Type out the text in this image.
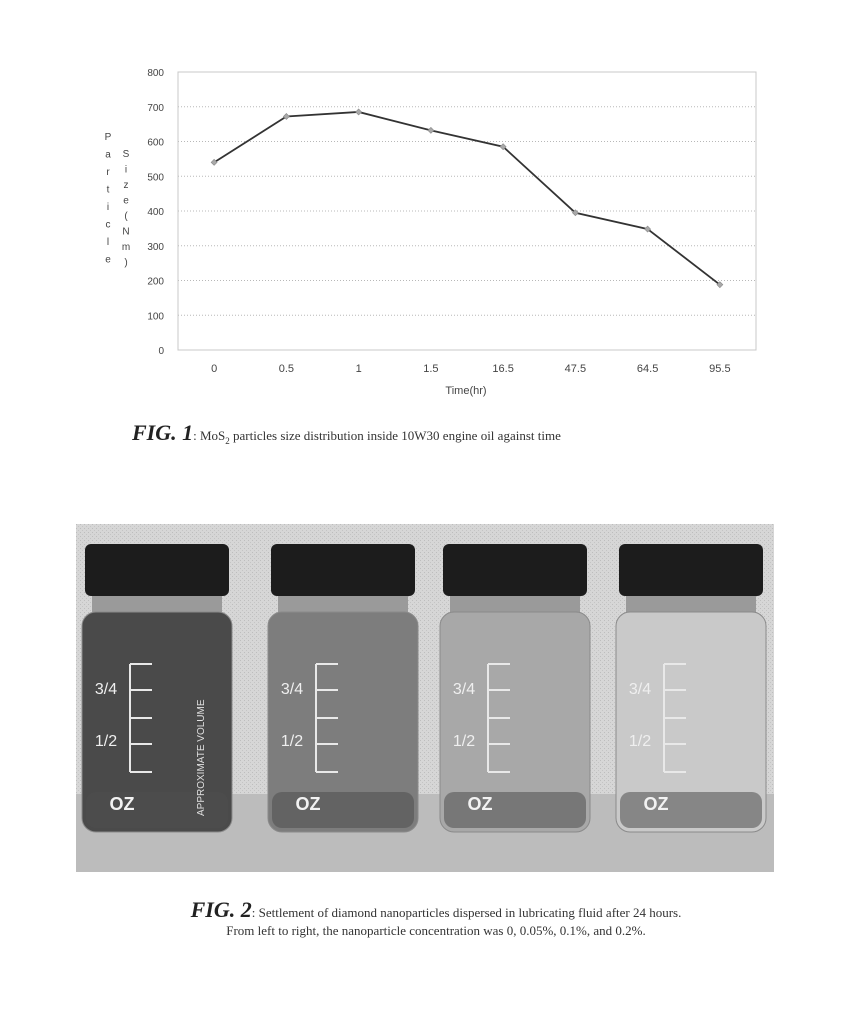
0
100
200
300
400
500
600
700
800
0	0.5	1	1.5	16.5	47.5	64.5	95.5
Time(hr)
P
a
r
t
i
c
l
e
S
i
z
e
(
N
m
)
FIG. 1: MoS$_2$ particles size distribution inside 10W30 engine oil against time
3/4
1/2
OZ	APPROXIMATE VOLUME
3/4
1/2
OZ
3/4
1/2
OZ
3/4
1/2
OZ
FIG. 2: Settlement of diamond nanoparticles dispersed in lubricating fluid after 24 hours.
From left to right, the nanoparticle concentration was 0, 0.05%, 0.1%, and 0.2%.
